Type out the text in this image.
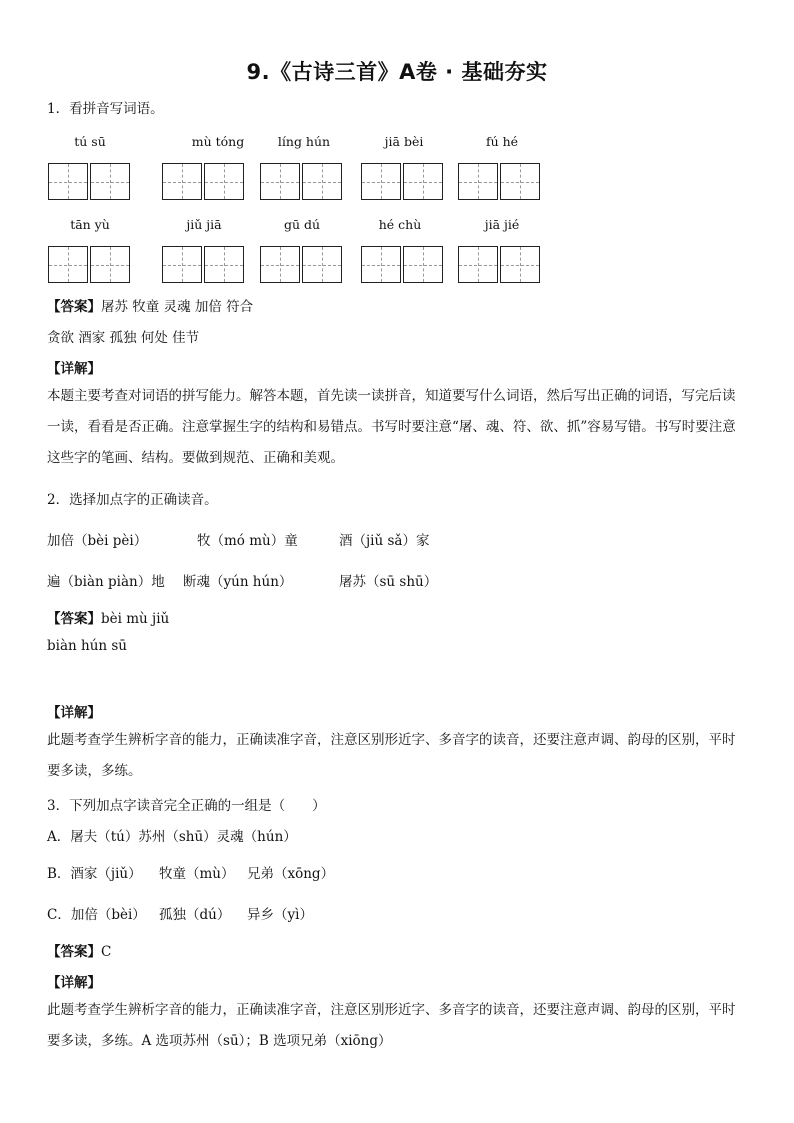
9.《古诗三首》A卷 · 基础夯实
1．看拼音写词语。
tú sū	mù tóng	líng hún	jiā bèi	fú hé
tān yù	jiǔ jiā	gū dú	hé chù	jiā jié
【答案】屠苏 牧童 灵魂 加倍 符合
贪欲 酒家 孤独 何处 佳节
【详解】
本题主要考查对词语的拼写能力。解答本题，首先读一读拼音，知道要写什么词语，然后写出正确的词语，写完后读一读，看看是否正确。注意掌握生字的结构和易错点。书写时要注意“屠、魂、符、欲、抓”容易写错。书写时要注意这些字的笔画、结构。要做到规范、正确和美观。
2．选择加点字的正确读音。
加倍（bèi pèi）	牧（mó mù）童	酒（jiǔ sǎ）家
遍（biàn piàn）地 断魂（yún hún）	屠苏（sū shū）
【答案】bèi mù jiǔ
biàn hún sū
【详解】
此题考查学生辨析字音的能力，正确读准字音，注意区别形近字、多音字的读音，还要注意声调、韵母的区别，平时要多读，多练。
3．下列加点字读音完全正确的一组是（　　）
A．屠夫（tú）苏州（shū）灵魂（hún）
B．酒家（jiǔ） 牧童（mù） 兄弟（xōng）
C．加倍（bèi） 孤独（dú） 异乡（yì）
【答案】C
【详解】
此题考查学生辨析字音的能力，正确读准字音，注意区别形近字、多音字的读音，还要注意声调、韵母的区别，平时要多读，多练。A 选项苏州（sū）；B 选项兄弟（xiōng）
